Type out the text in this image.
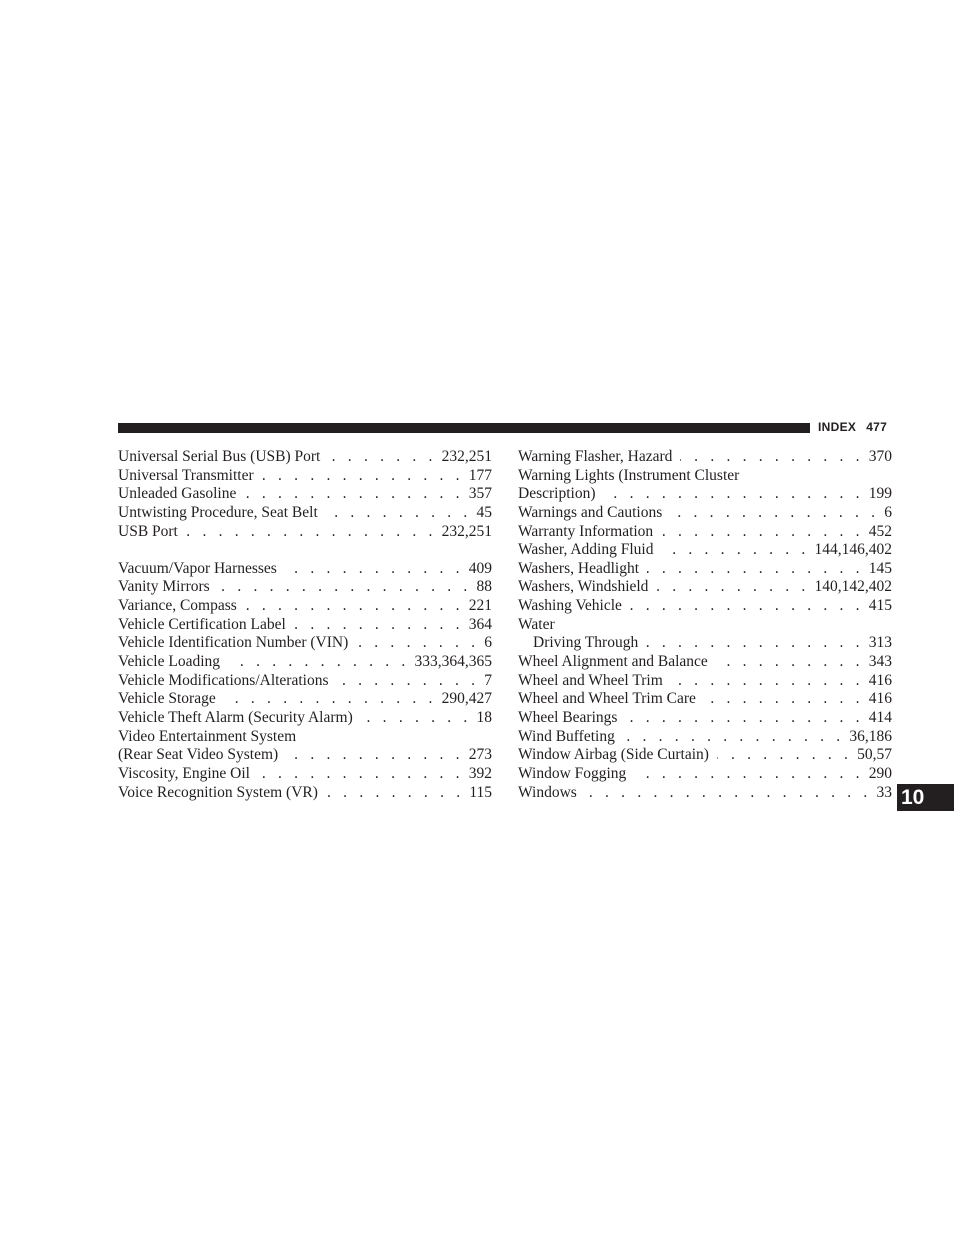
INDEX 477
Universal Serial Bus (USB) Port . . .	232,251
Universal Transmitter . . .	177
Unleaded Gasoline . . .	357
Untwisting Procedure, Seat Belt . . .	45
USB Port . . .	232,251
Vacuum/Vapor Harnesses . . .	409
Vanity Mirrors . . .	88
Variance, Compass . . .	221
Vehicle Certification Label . . .	364
Vehicle Identification Number (VIN) . . .	6
Vehicle Loading . . .	333,364,365
Vehicle Modifications/Alterations . . .	7
Vehicle Storage . . .	290,427
Vehicle Theft Alarm (Security Alarm) . . .	18
Video Entertainment System
(Rear Seat Video System) . . .	273
Viscosity, Engine Oil . . .	392
Voice Recognition System (VR) . . .	115
Warning Flasher, Hazard . . .	370
Warning Lights (Instrument Cluster
Description) . . .	199
Warnings and Cautions . . .	6
Warranty Information . . .	452
Washer, Adding Fluid . . .	144,146,402
Washers, Headlight . . .	145
Washers, Windshield . . .	140,142,402
Washing Vehicle . . .	415
Water
Driving Through . . .	313
Wheel Alignment and Balance . . .	343
Wheel and Wheel Trim . . .	416
Wheel and Wheel Trim Care . . .	416
Wheel Bearings . . .	414
Wind Buffeting . . .	36,186
Window Airbag (Side Curtain) . . .	50,57
Window Fogging . . .	290
Windows . . .	33 10
